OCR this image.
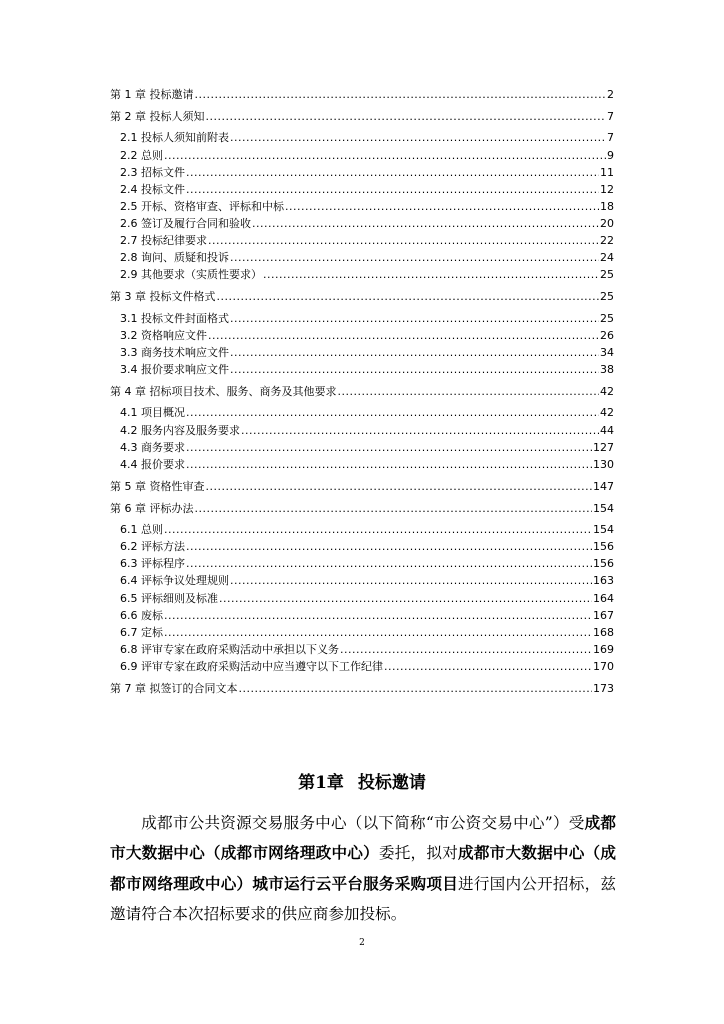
第 1 章 投标邀请 .....	2
第 2 章 投标人须知 .....	7
2.1 投标人须知前附表 .....	7
2.2 总则 .....	9
2.3 招标文件 .....	11
2.4 投标文件 .....	12
2.5 开标、资格审查、评标和中标 .....	18
2.6 签订及履行合同和验收 .....	20
2.7 投标纪律要求 .....	22
2.8 询问、质疑和投诉 .....	24
2.9 其他要求（实质性要求） .....	25
第 3 章 投标文件格式 .....	25
3.1 投标文件封面格式 .....	25
3.2 资格响应文件 .....	26
3.3 商务技术响应文件 .....	34
3.4 报价要求响应文件 .....	38
第 4 章 招标项目技术、服务、商务及其他要求 .....	42
4.1 项目概况 .....	42
4.2 服务内容及服务要求 .....	44
4.3 商务要求 .....	127
4.4 报价要求 .....	130
第 5 章 资格性审查 .....	147
第 6 章 评标办法 .....	154
6.1 总则 .....	154
6.2 评标方法 .....	156
6.3 评标程序 .....	156
6.4 评标争议处理规则 .....	163
6.5 评标细则及标准 .....	164
6.6 废标 .....	167
6.7 定标 .....	168
6.8 评审专家在政府采购活动中承担以下义务 .....	169
6.9 评审专家在政府采购活动中应当遵守以下工作纪律 .....	170
第 7 章 拟签订的合同文本 .....	173
第1章 投标邀请
成都市公共资源交易服务中心（以下简称“市公资交易中心”）受成都市大数据中心（成都市网络理政中心）委托，拟对成都市大数据中心（成都市网络理政中心）城市运行云平台服务采购项目进行国内公开招标，兹邀请符合本次招标要求的供应商参加投标。
2
